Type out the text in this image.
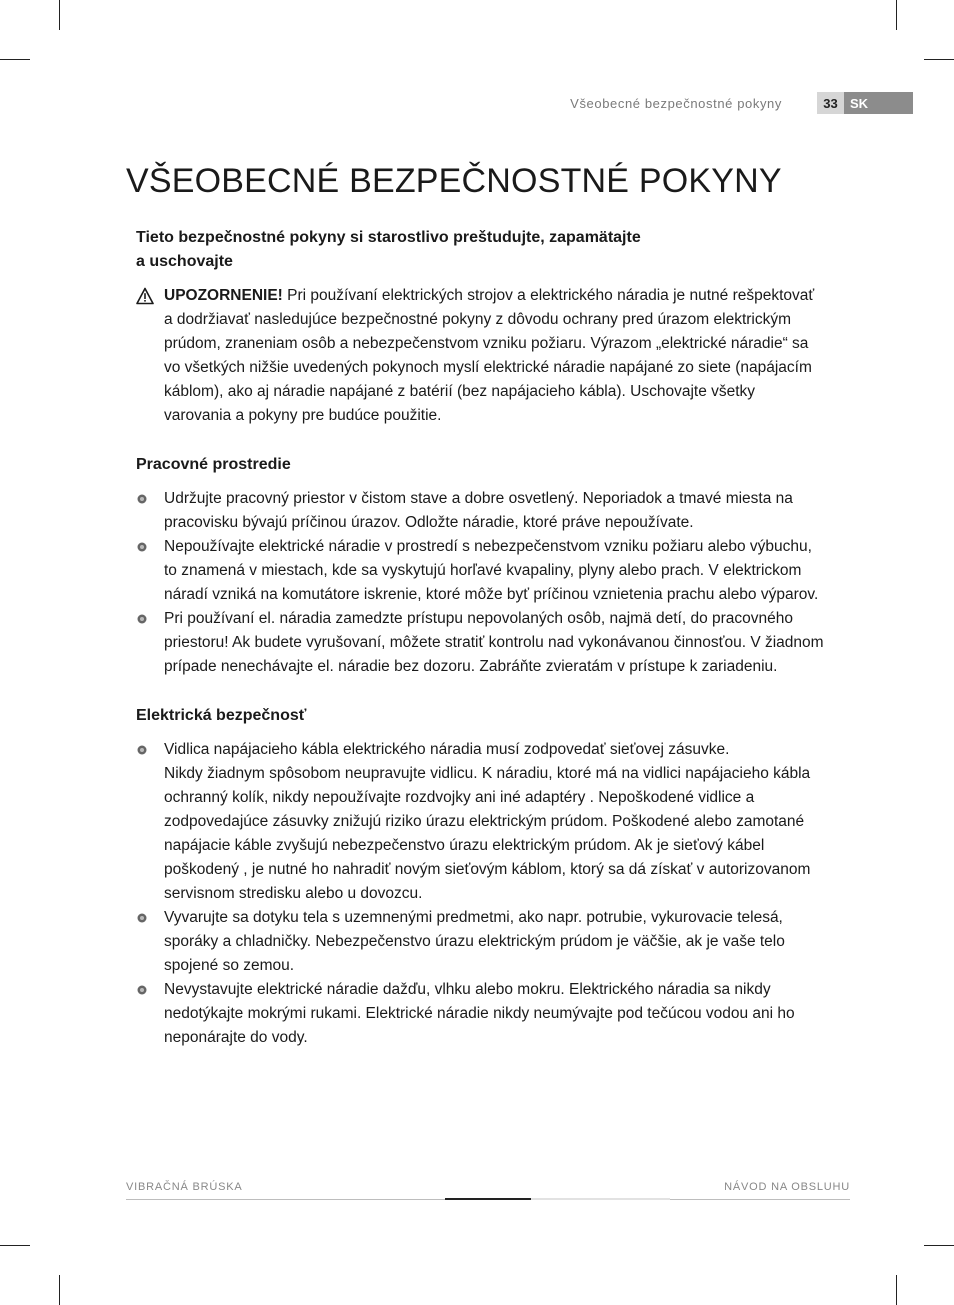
Všeobecné bezpečnostné pokyny	33 SK
VŠEOBECNÉ BEZPEČNOSTNÉ POKYNY

Tieto bezpečnostné pokyny si starostlivo preštudujte, zapamätajte
a uschovajte

UPOZORNENIE! Pri používaní elektrických strojov a elektrického náradia je nutné rešpektovať a dodržiavať nasledujúce bezpečnostné pokyny z dôvodu ochrany pred úrazom elektrickým prúdom, zraneniam osôb a nebezpečenstvom vzniku požiaru. Výrazom „elektrické náradie“ sa vo všetkých nižšie uvedených pokynoch myslí elektrické náradie napájané zo siete (napájacím káblom), ako aj náradie napájané z batérií (bez napájacieho kábla). Uschovajte všetky varovania a pokyny pre budúce použitie.

Pracovné prostredie

Udržujte pracovný priestor v čistom stave a dobre osvetlený. Neporiadok a tmavé miesta na pracovisku bývajú príčinou úrazov. Odložte náradie, ktoré práve nepoužívate.
Nepoužívajte elektrické náradie v prostredí s nebezpečenstvom vzniku požiaru alebo výbuchu, to znamená v miestach, kde sa vyskytujú horľavé kvapaliny, plyny alebo prach. V elektrickom náradí vzniká na komutátore iskrenie, ktoré môže byť príčinou vznietenia prachu alebo výparov.
Pri používaní el. náradia zamedzte prístupu nepovolaných osôb, najmä detí, do pracovného priestoru! Ak budete vyrušovaní, môžete stratiť kontrolu nad vykonávanou činnosťou. V žiadnom prípade nenechávajte el. náradie bez dozoru. Zabráňte zvieratám v prístupe k zariadeniu.

Elektrická bezpečnosť

Vidlica napájacieho kábla elektrického náradia musí zodpovedať sieťovej zásuvke.
Nikdy žiadnym spôsobom neupravujte vidlicu. K náradiu, ktoré má na vidlici napájacieho kábla ochranný kolík, nikdy nepoužívajte rozdvojky ani iné adaptéry . Nepoškodené vidlice a zodpovedajúce zásuvky znižujú riziko úrazu elektrickým prúdom. Poškodené alebo zamotané napájacie káble zvyšujú nebezpečenstvo úrazu elektrickým prúdom. Ak je sieťový kábel poškodený , je nutné ho nahradiť novým sieťovým káblom, ktorý sa dá získať v autorizovanom servisnom stredisku alebo u dovozcu.
Vyvarujte sa dotyku tela s uzemnenými predmetmi, ako napr. potrubie, vykurovacie telesá, sporáky a chladničky. Nebezpečenstvo úrazu elektrickým prúdom je väčšie, ak je vaše telo spojené so zemou.
Nevystavujte elektrické náradie dažďu, vlhku alebo mokru. Elektrického náradia sa nikdy nedotýkajte mokrými rukami. Elektrické náradie nikdy neumývajte pod tečúcou vodou ani ho neponárajte do vody.
VIBRAČNÁ BRÚSKA	NÁVOD NA OBSLUHU
